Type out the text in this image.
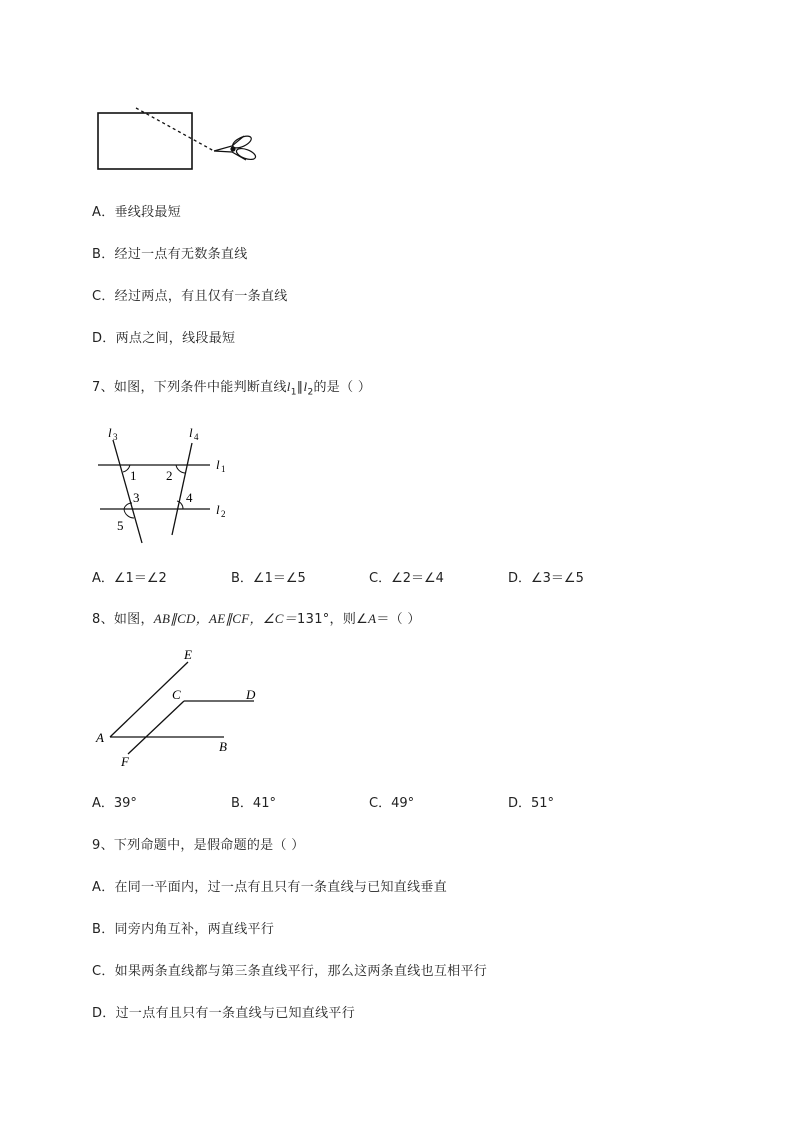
A．垂线段最短
B．经过一点有无数条直线
C．经过两点，有且仅有一条直线
D．两点之间，线段最短
7、如图，下列条件中能判断直线$l_1\parallel l_2$的是（ ）
l 3	l 4
l 1
l 2
1 2
3	4
5
A．∠1＝∠2	B．∠1＝∠5	C．∠2＝∠4	D．∠3＝∠5
8、如图，AB∥CD，AE∥CF，∠C＝131°，则∠A＝（ ）
E
C	D
A
B
F
A．39°	B．41°	C．49°	D．51°
9、下列命题中，是假命题的是（ ）
A．在同一平面内，过一点有且只有一条直线与已知直线垂直
B．同旁内角互补，两直线平行
C．如果两条直线都与第三条直线平行，那么这两条直线也互相平行
D．过一点有且只有一条直线与已知直线平行
